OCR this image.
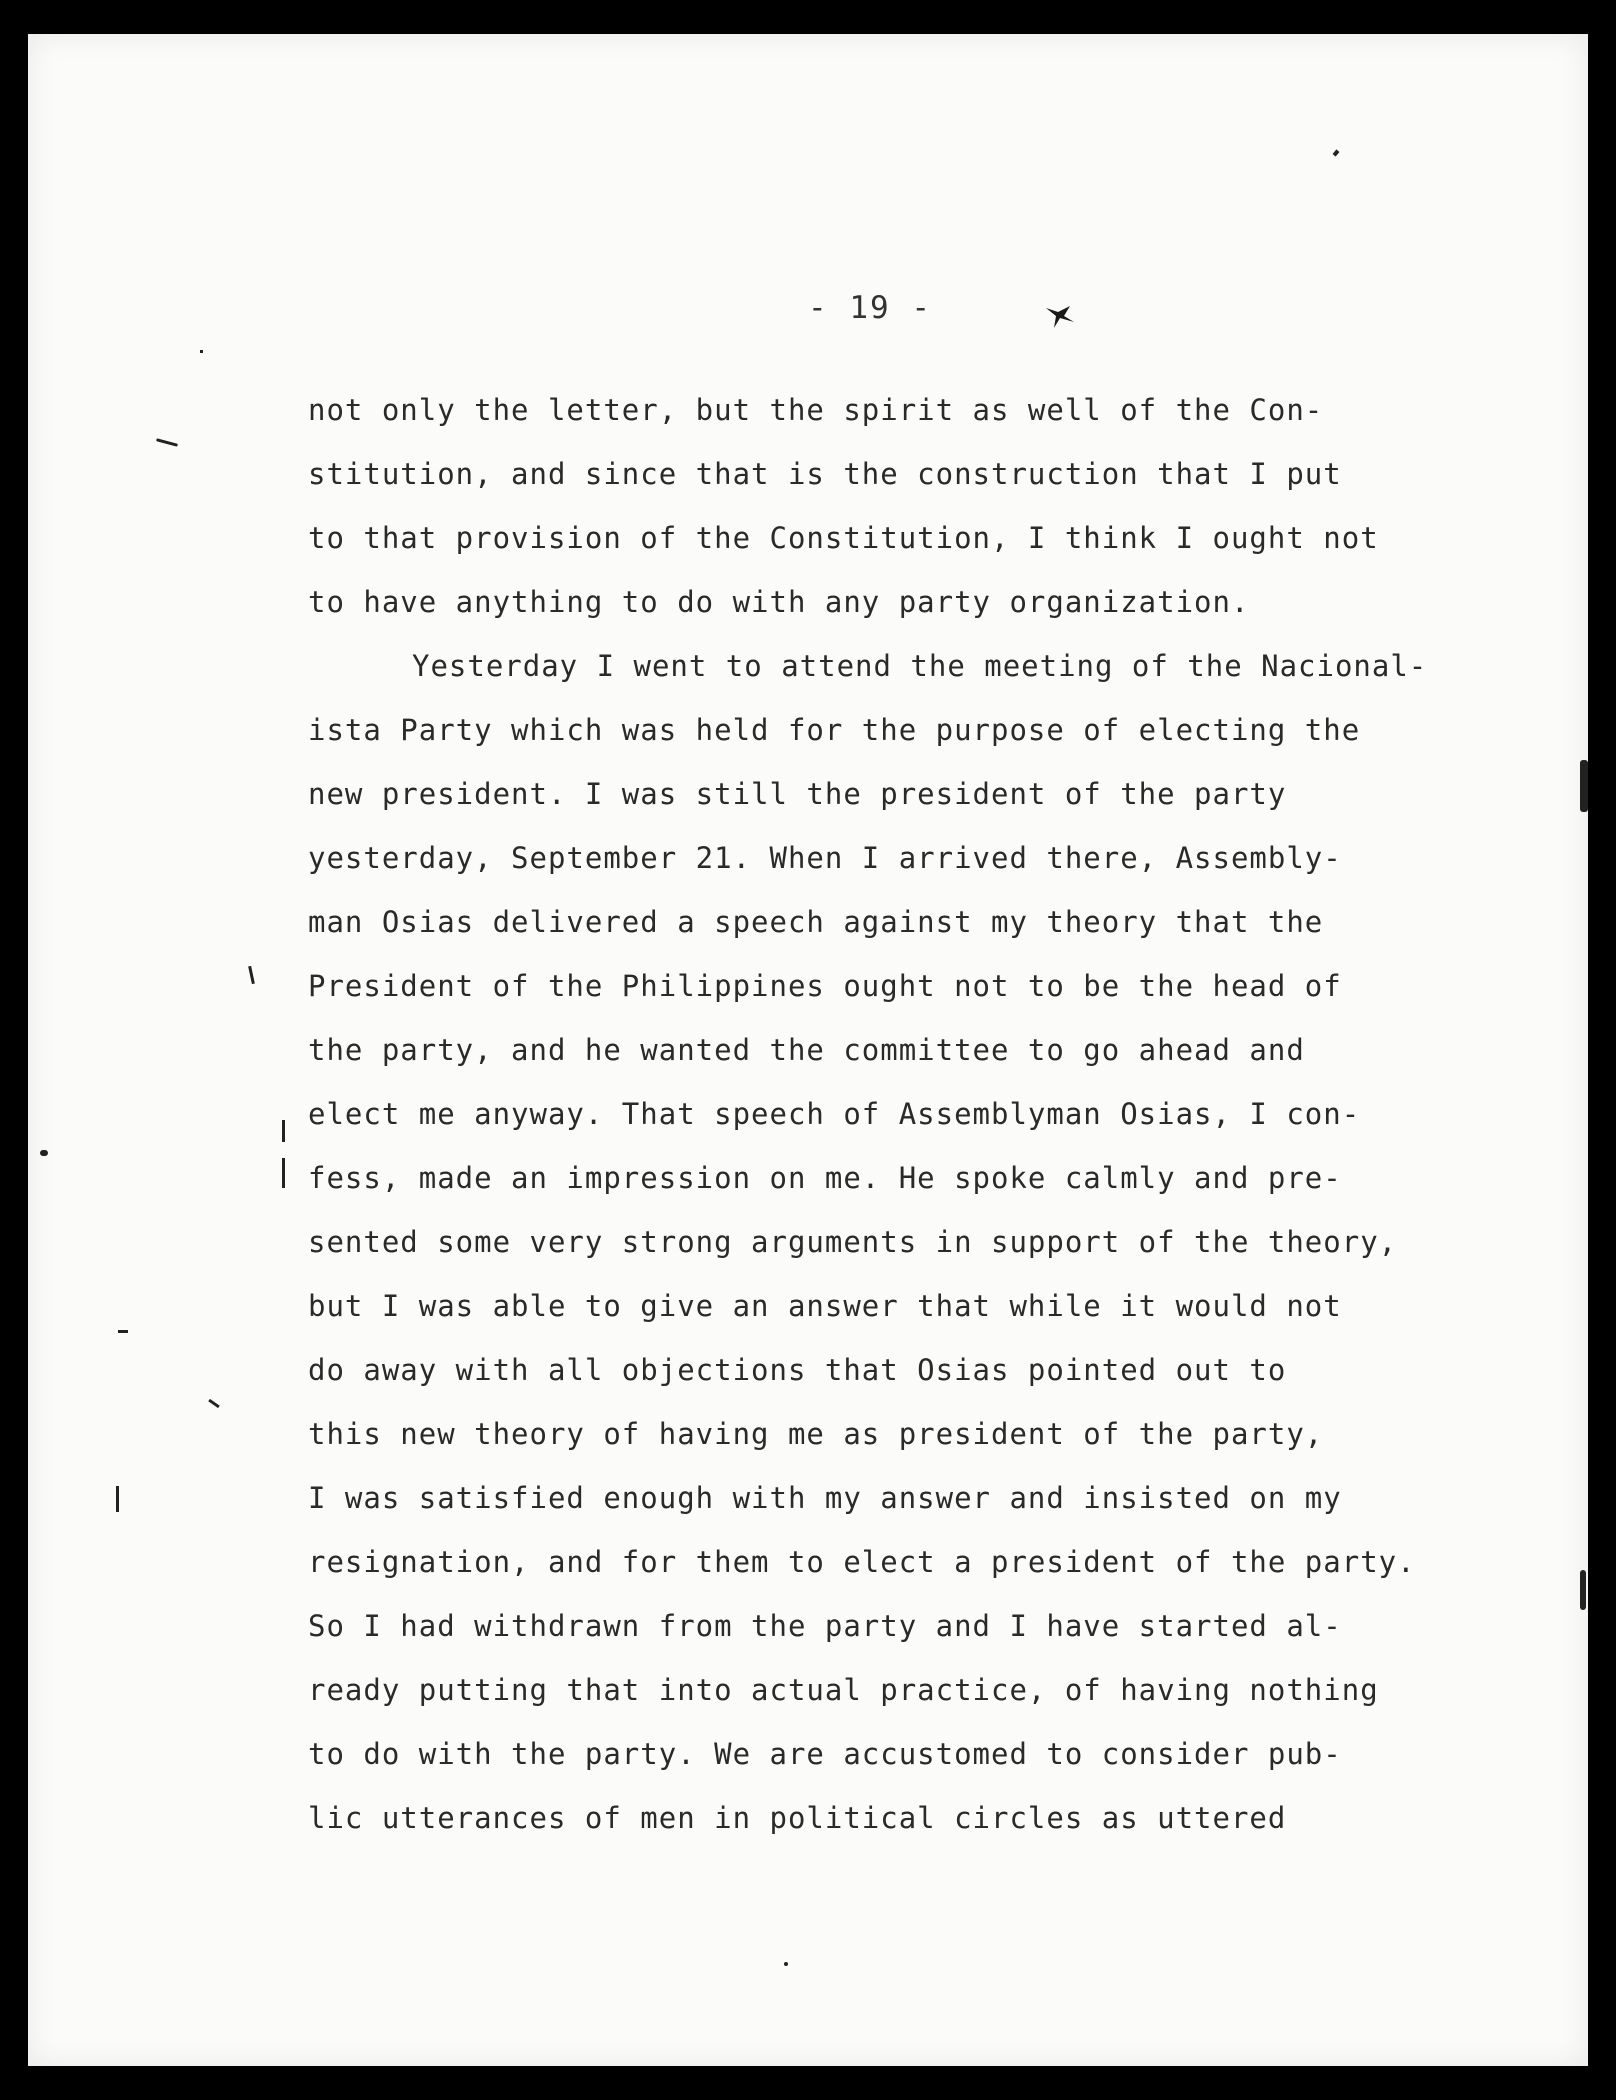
- 19 -
not only the letter, but the spirit as well of the Con-
stitution, and since that is the construction that I put
to that provision of the Constitution, I think I ought not
to have anything to do with any party organization.
Yesterday I went to attend the meeting of the Nacional-
ista Party which was held for the purpose of electing the
new president. I was still the president of the party
yesterday, September 21. When I arrived there, Assembly-
man Osias delivered a speech against my theory that the
President of the Philippines ought not to be the head of
the party, and he wanted the committee to go ahead and
elect me anyway. That speech of Assemblyman Osias, I con-
fess, made an impression on me. He spoke calmly and pre-
sented some very strong arguments in support of the theory,
but I was able to give an answer that while it would not
do away with all objections that Osias pointed out to
this new theory of having me as president of the party,
I was satisfied enough with my answer and insisted on my
resignation, and for them to elect a president of the party.
So I had withdrawn from the party and I have started al-
ready putting that into actual practice, of having nothing
to do with the party. We are accustomed to consider pub-
lic utterances of men in political circles as uttered
